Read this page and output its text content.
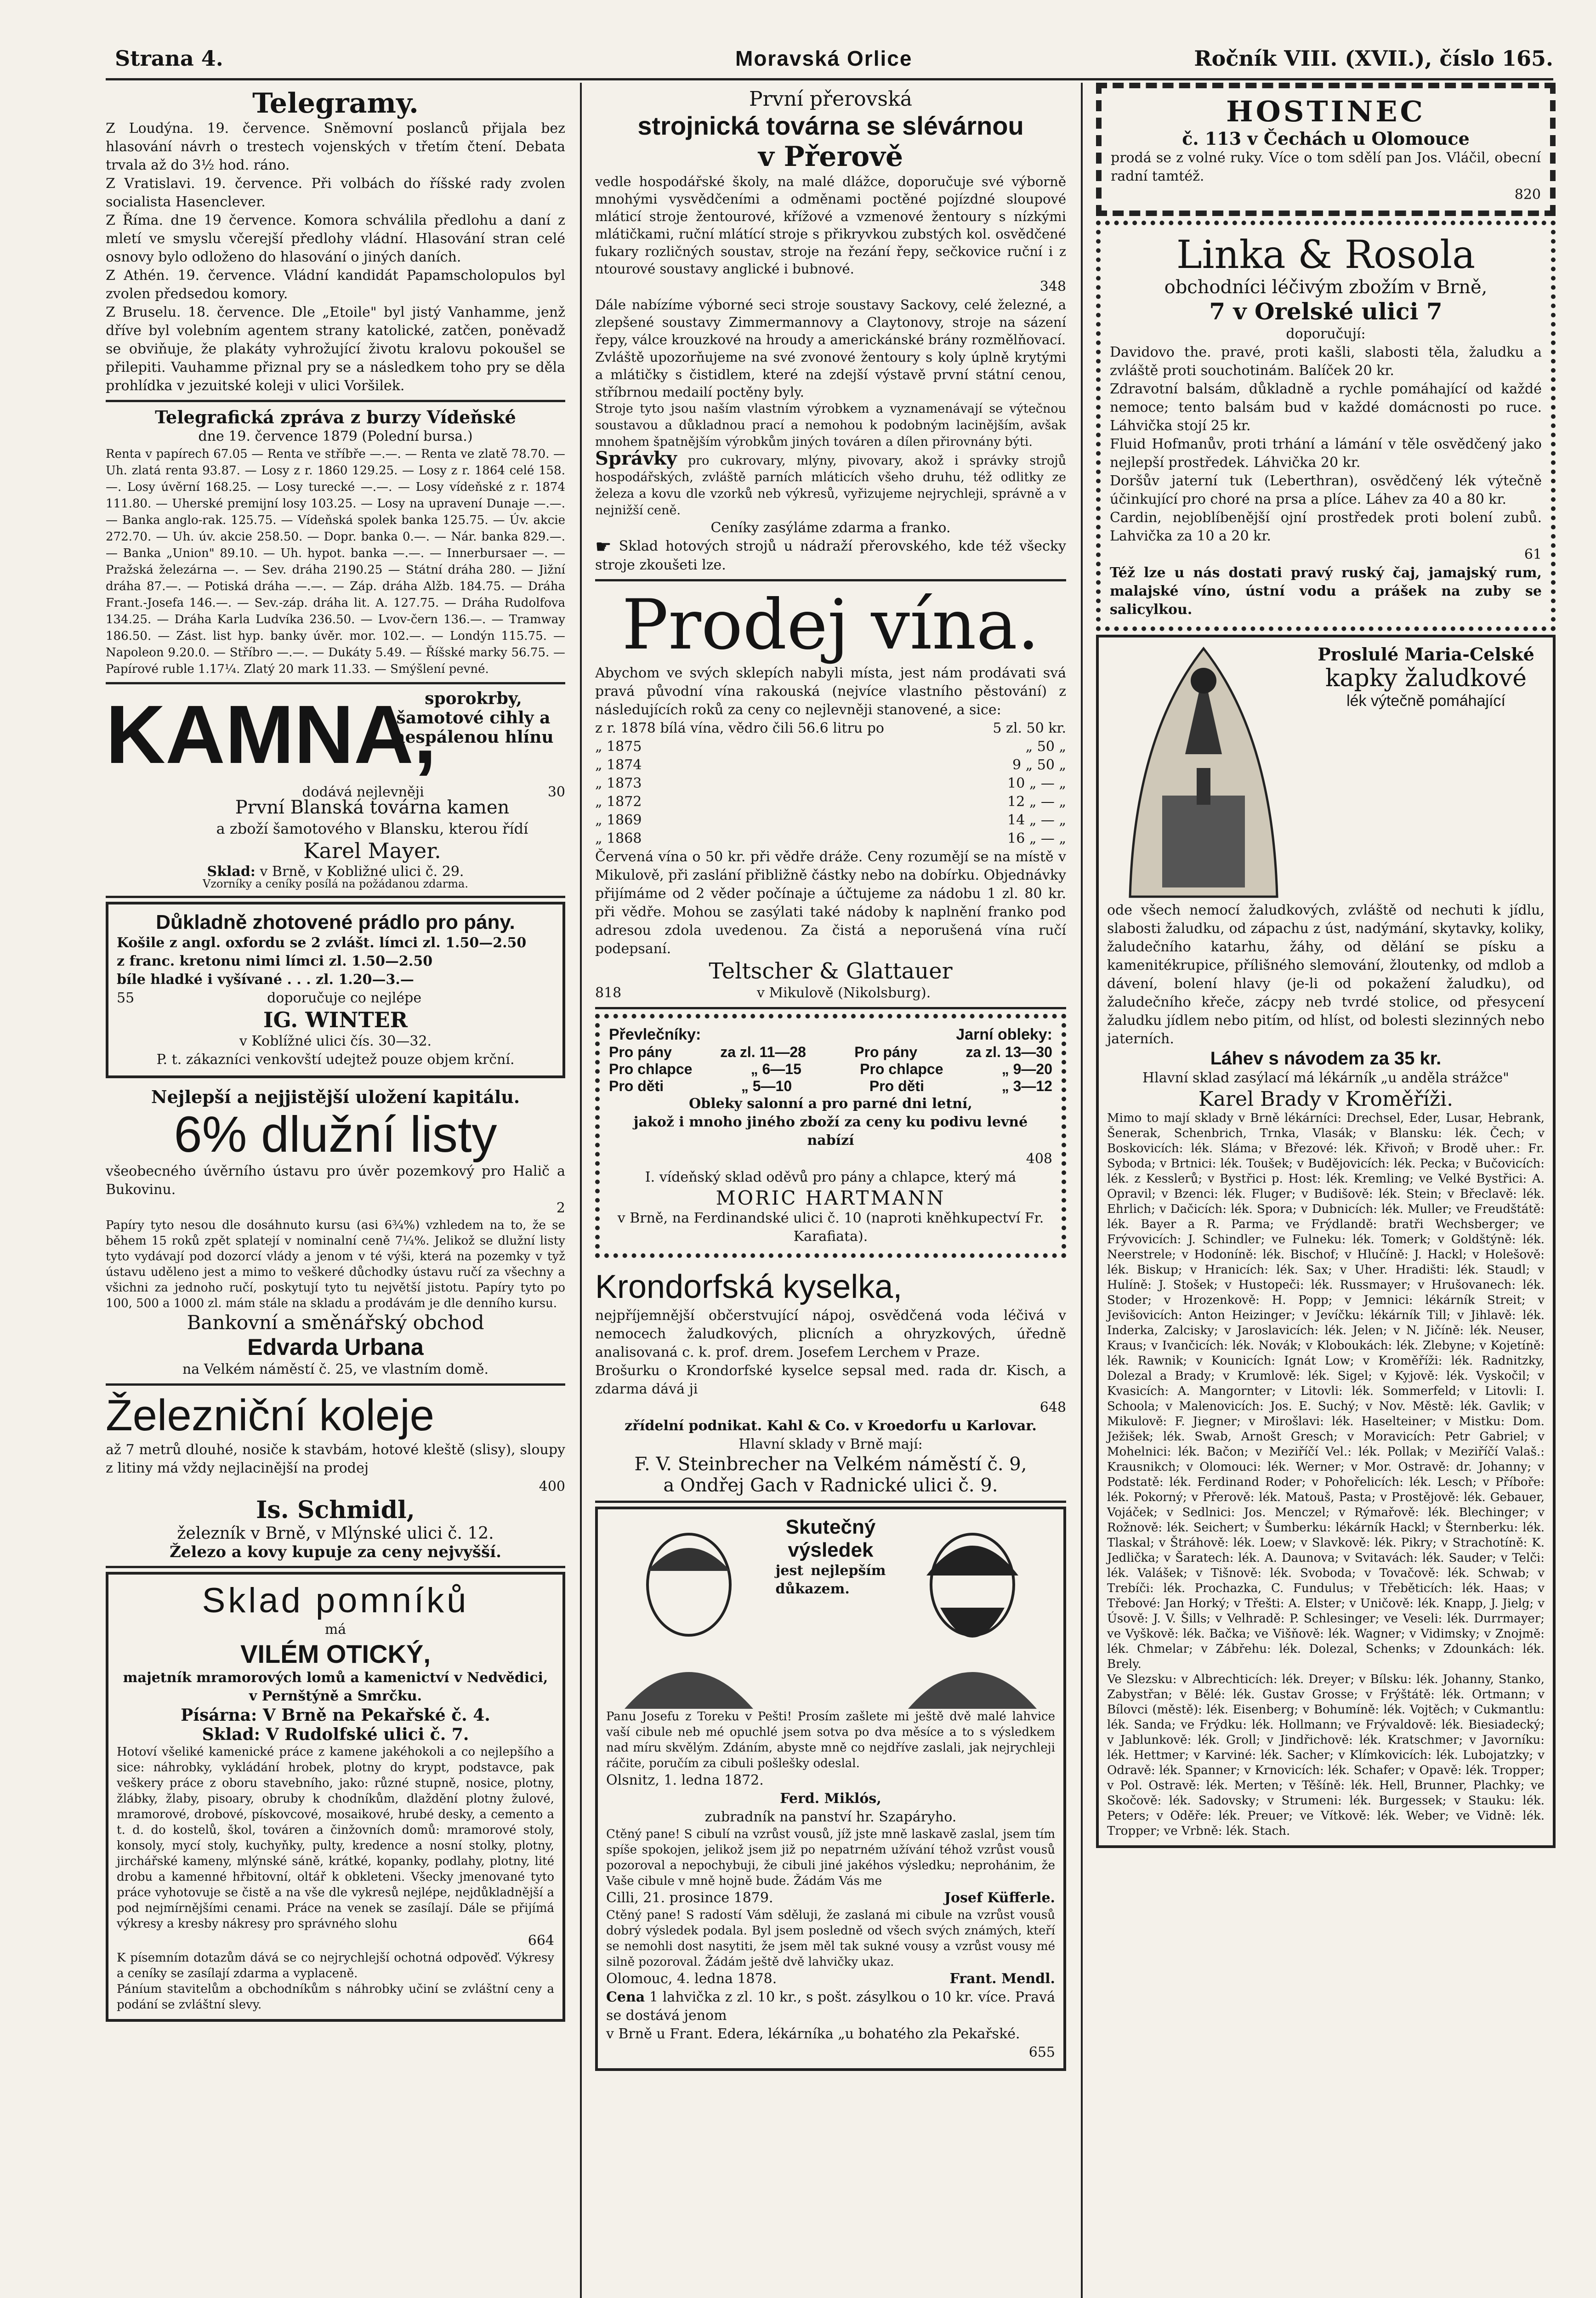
Strana 4.	Moravská Orlice	Ročník VIII. (XVII.), číslo 165.

Telegramy.

Z Loudýna. 19. července. Sněmovní poslanců přijala bez hlasování návrh o trestech vojenských v třetím čtení. Debata trvala až do 3½ hod. ráno.

Z Vratislavi. 19. července. Při volbách do říšské rady zvolen socialista Hasenclever.

Z Říma. dne 19 července. Komora schválila předlohu a daní z mletí ve smyslu včerejší předlohy vládní. Hlasování stran celé osnovy bylo odloženo do hlasování o jiných daních.

Z Athén. 19. července. Vládní kandidát Papamscholopulos byl zvolen předsedou komory.

Z Bruselu. 18. července. Dle „Etoile" byl jistý Vanhamme, jenž dříve byl volebním agentem strany katolické, zatčen, poněvadž se obviňuje, že plakáty vyhrožující životu kralovu pokoušel se přilepiti. Vauhamme přiznal pry se a následkem toho pry se děla prohlídka v jezuitské koleji v ulici Voršilek.

Telegrafická zpráva z burzy Vídeňské

dne 19. července 1879 (Polední bursa.)

Renta v papírech 67.05 — Renta ve stříbře —.—. — Renta ve zlatě 78.70. — Uh. zlatá renta 93.87. — Losy z r. 1860 129.25. — Losy z r. 1864 celé 158.—. Losy úvěrní 168.25. — Losy turecké —.—. — Losy vídeňské z r. 1874 111.80. — Uherské premijní losy 103.25. — Losy na upravení Dunaje —.—. — Banka anglo-rak. 125.75. — Vídeňská spolek banka 125.75. — Úv. akcie 272.70. — Uh. úv. akcie 258.50. — Dopr. banka 0.—. — Nár. banka 829.—. — Banka „Union" 89.10. — Uh. hypot. banka —.—. — Innerbursaer —. — Pražská železárna —. — Sev. dráha 2190.25 — Státní dráha 280. — Jižní dráha 87.—. — Potiská dráha —.—. — Záp. dráha Alžb. 184.75. — Dráha Frant.-Josefa 146.—. — Sev.-záp. dráha lit. A. 127.75. — Dráha Rudolfova 134.25. — Dráha Karla Ludvíka 236.50. — Lvov-čern 136.—. — Tramway 186.50. — Zást. list hyp. banky úvěr. mor. 102.—. — Londýn 115.75. — Napoleon 9.20.0. — Stříbro —.—. — Dukáty 5.49. — Říšské marky 56.75. — Papírové ruble 1.17¼. Zlatý 20 mark 11.33. — Smýšlení pevné.

KAMNA,

sporokrby, šamotové cihly a nespálenou hlínu

dodává nejlevněji	30

První Blanská továrna kamen

a zboží šamotového v Blansku, kterou řídí

Karel Mayer.

Sklad: v Brně, v Kobližné ulici č. 29.

Vzorníky a ceníky posílá na požádanou zdarma.

Důkladně zhotovené prádlo pro pány.

Košile z angl. oxfordu se 2 zvlášt. límci zl. 1.50—2.50

z franc. kretonu nimi límci zl. 1.50—2.50

bíle hladké i vyšívané . . . zl. 1.20—3.—

55	doporučuje co nejlépe

IG. WINTER

v Koblížné ulici čís. 30—32.

P. t. zákazníci venkovští udejtež pouze objem krční.

Nejlepší a nejjistější uložení kapitálu.

6% dlužní listy

všeobecného úvěrního ústavu pro úvěr pozemkový pro Halič a Bukovinu.

2

Papíry tyto nesou dle dosáhnuto kursu (asi 6¾%) vzhledem na to, že se během 15 roků zpět splatejí v nominalní ceně 7¼%. Jelikož se dlužní listy tyto vydávají pod dozorcí vlády a jenom v té výši, která na pozemky v tyž ústavu uděleno jest a mimo to veškeré důchodky ústavu ručí za všechny a všichni za jednoho ručí, poskytují tyto tu největší jistotu. Papíry tyto po 100, 500 a 1000 zl. mám stále na skladu a prodávám je dle denního kursu.

Bankovní a směnářský obchod

Edvarda Urbana

na Velkém náměstí č. 25, ve vlastním domě.

Železniční koleje

až 7 metrů dlouhé, nosiče k stavbám, hotové kleště (slisy), sloupy z litiny má vždy nejlacinější na prodej

400

Is. Schmidl,

železník v Brně, v Mlýnské ulici č. 12.

Železo a kovy kupuje za ceny nejvyšší.

Sklad pomníků

má

VILÉM OTICKÝ,

majetník mramorových lomů a kamenictví v Nedvědici, v Pernštýně a Smrčku.

Písárna: V Brně na Pekařské č. 4.

Sklad: V Rudolfské ulici č. 7.

Hotoví všeliké kamenické práce z kamene jakéhokoli a co nejlepšího a sice: náhrobky, vykládání hrobek, plotny do krypt, podstavce, pak veškery práce z oboru stavebního, jako: různé stupně, nosice, plotny, žlábky, žlaby, pisoary, obruby k chodníkům, dlaždění plotny žulové, mramorové, drobové, pískovcové, mosaikové, hrubé desky, a cemento a t. d. do kostelů, škol, továren a činžovních domů: mramorové stoly, konsoly, mycí stoly, kuchyňky, pulty, kredence a nosní stolky, plotny, jirchářské kameny, mlýnské sáně, krátké, kopanky, podlahy, plotny, lité drobu a kamenné hřbitovní, oltář k obkleteni. Všecky jmenované tyto práce vyhotovuje se čistě a na vše dle vykresů nejlépe, nejdůkladnější a pod nejmírnějšími cenami. Práce na venek se zasílají. Dále se přijímá výkresy a kresby nákresy pro správného slohu

664

K písemním dotazům dává se co nejrychlejší ochotná odpověď. Výkresy a ceníky se zasílají zdarma a vyplaceně.

Páníum stavitelům a obchodníkům s náhrobky učiní se zvláštní ceny a podání se zvláštní slevy.

První přerovská

strojnická továrna se slévárnou

v Přerově

vedle hospodářské školy, na malé dlážce, doporučuje své výborně mnohými vysvědčeními a odměnami poctěné pojízdné sloupové mláticí stroje žentourové, křížové a vzmenové žentoury s nízkými mlátičkami, ruční mlátící stroje s přikryvkou zubstých kol. osvědčené fukary rozličných soustav, stroje na řezání řepy, sečkovice ruční i z ntourové soustavy anglické i bubnové.

348

Dále nabízíme výborné seci stroje soustavy Sackovy, celé železné, a zlepšené soustavy Zimmermannovy a Claytonovy, stroje na sázení řepy, válce krouzkové na hroudy a americkánské brány rozmělňovací.

Zvláště upozorňujeme na své zvonové žentoury s koly úplně krytými a mlátičky s čistidlem, které na zdejší výstavě první státní cenou, stříbrnou medailí poctěny byly.

Stroje tyto jsou naším vlastním výrobkem a vyznamenávají se výtečnou soustavou a důkladnou prací a nemohou k podobným lacinějším, avšak mnohem špatnějším výrobkům jiných továren a dílen přirovnány býti.

Správky pro cukrovary, mlýny, pivovary, akož i správky strojů hospodářských, zvláště parních mláticích všeho druhu, též odlitky ze železa a kovu dle vzorků neb výkresů, vyřizujeme nejrychleji, správně a v nejnižší ceně.

Ceníky zasýláme zdarma a franko.

☛ Sklad hotových strojů u nádraží přerovského, kde též všecky stroje zkoušeti lze.

Prodej vína.

Abychom ve svých sklepích nabyli místa, jest nám prodávati svá pravá původní vína rakouská (nejvíce vlastního pěstování) z následujících roků za ceny co nejlevněji stanovené, a sice:

z r. 1878 bílá vína, vědro čili 56.6 litru po	5 zl. 50 kr.
„ 1875	„ 50 „
„ 1874	9 „ 50 „
„ 1873	10 „ — „
„ 1872	12 „ — „
„ 1869	14 „ — „
„ 1868	16 „ — „

Červená vína o 50 kr. při vědře dráže. Ceny rozumějí se na místě v Mikulově, při zaslání přibližně částky nebo na dobírku. Objednávky přijímáme od 2 věder počínaje a účtujeme za nádobu 1 zl. 80 kr. při vědře. Mohou se zasýlati také nádoby k naplnění franko pod adresou zdola uvedenou. Za čistá a neporušená vína ručí podepsaní.

Teltscher & Glattauer

818	v Mikulově (Nikolsburg).

Převlečníky:	Jarní obleky:
Pro pány	za zl. 11—28	Pro pány	za zl. 13—30
Pro chlapce	„ 6—15	Pro chlapce	„ 9—20
Pro děti	„ 5—10	Pro děti	„ 3—12

Obleky salonní a pro parné dni letní,

jakož i mnoho jiného zboží za ceny ku podivu levné nabízí

408

I. vídeňský sklad oděvů pro pány a chlapce, který má

MORIC HARTMANN

v Brně, na Ferdinandské ulici č. 10 (naproti kněhkupectví Fr. Karafiata).

Krondorfská kyselka,

nejpříjemnější občerstvující nápoj, osvědčená voda léčivá v nemocech žaludkových, plicních a ohryzkových, úředně analisovaná c. k. prof. drem. Josefem Lerchem v Praze.

Brošurku o Krondorfské kyselce sepsal med. rada dr. Kisch, a zdarma dává ji

648

zřídelní podnikat. Kahl & Co. v Kroedorfu u Karlovar.

Hlavní sklady v Brně mají:

F. V. Steinbrecher na Velkém náměstí č. 9,

a Ondřej Gach v Radnické ulici č. 9.

Skutečný výsledek

jest nejlepším důkazem.

Panu Josefu z Toreku v Pešti! Prosím zašlete mi ještě dvě malé lahvice vaší cibule neb mé opuchlé jsem sotva po dva měsíce a to s výsledkem nad míru skvělým. Zdáním, abyste mně co nejdříve zaslali, jak nejrychleji ráčite, poručím za cibuli pošlešky odeslal.

Olsnitz, 1. ledna 1872.

Ferd. Miklós,

zubradník na panství hr. Szapáryho.

Ctěný pane! S cibulí na vzrůst vousů, jíž jste mně laskavě zaslal, jsem tím spíše spokojen, jelikož jsem již po nepatrném užívání téhož vzrůst vousů pozoroval a nepochybuji, že cibuli jiné jakéhos výsledku; neprohánim, že Vaše cibule v mně hojně bude. Žádám Vás me

Cilli, 21. prosince 1879.	Josef Küfferle.

Ctěný pane! S radostí Vám sděluji, že zaslaná mi cibule na vzrůst vousů dobrý výsledek podala. Byl jsem posledně od všech svých známých, kteří se nemohli dost nasytiti, že jsem měl tak sukné vousy a vzrůst vousy mé silně pozoroval. Žádám ještě dvě lahvičky ukaz.

Olomouc, 4. ledna 1878.	Frant. Mendl.

Cena 1 lahvička z zl. 10 kr., s pošt. zásylkou o 10 kr. více. Pravá se dostává jenom

v Brně u Frant. Edera, lékárníka „u bohatého zla Pekařské.

655

HOSTINEC

č. 113 v Čechách u Olomouce

prodá se z volné ruky. Více o tom sdělí pan Jos. Vláčil, obecní radní tamtéž.

820

Linka & Rosola

obchodníci léčivým zbožím v Brně,

7 v Orelské ulici 7

doporučují:

Davidovo the. pravé, proti kašli, slabosti těla, žaludku a zvláště proti souchotinám. Balíček 20 kr.

Zdravotní balsám, důkladně a rychle pomáhající od každé nemoce; tento balsám bud v každé domácnosti po ruce. Láhvička stojí 25 kr.

Fluid Hofmanův, proti trhání a lámání v těle osvědčený jako nejlepší prostředek. Láhvička 20 kr.

Doršův jaterní tuk (Leberthran), osvědčený lék výtečně účinkující pro choré na prsa a plíce. Láhev za 40 a 80 kr.

Cardin, nejoblíbenější ojní prostředek proti bolení zubů. Lahvička za 10 a 20 kr.

61

Též lze u nás dostati pravý ruský čaj, jamajský rum, malajské víno, ústní vodu a prášek na zuby se salicylkou.

Proslulé Maria-Celské

kapky žaludkové

lék výtečně pomáhající

ode všech nemocí žaludkových, zvláště od nechuti k jídlu, slabosti žaludku, od zápachu z úst, nadýmání, skytavky, koliky, žaludečního katarhu, žáhy, od dělání se písku a kamenitékrupice, přílišného slemování, žloutenky, od mdlob a dávení, bolení hlavy (je-li od pokažení žaludku), od žaludečního křeče, zácpy neb tvrdé stolice, od přesycení žaludku jídlem nebo pitím, od hlíst, od bolesti slezinných nebo jaterních.

Láhev s návodem za 35 kr.

Hlavní sklad zasýlací má lékárník „u anděla strážce"

Karel Brady v Kroměříži.

Mimo to mají sklady v Brně lékárníci: Drechsel, Eder, Lusar, Hebrank, Šenerak, Schenbrich, Trnka, Vlasák; v Blansku: lék. Čech; v Boskovicích: lék. Sláma; v Březové: lék. Křivoň; v Brodě uher.: Fr. Syboda; v Brtnici: lék. Toušek; v Budějovicích: lék. Pecka; v Bučovicích: lék. z Kesslerů; v Bystřici p. Host: lék. Kremling; ve Velké Bystřici: A. Opravil; v Bzenci: lék. Fluger; v Budišově: lék. Stein; v Břeclavě: lék. Ehrlich; v Dačicích: lék. Spora; v Dubnicích: lék. Muller; ve Freudštátě: lék. Bayer a R. Parma; ve Frýdlandě: bratři Wechsberger; ve Frývovicích: J. Schindler; ve Fulneku: lék. Tomerk; v Goldštýně: lék. Neerstrele; v Hodoníně: lék. Bischof; v Hlučíně: J. Hackl; v Holešově: lék. Biskup; v Hranicích: lék. Sax; v Uher. Hradišti: lék. Staudl; v Hulíně: J. Stošek; v Hustopeči: lék. Russmayer; v Hrušovanech: lék. Stoder; v Hrozenkově: H. Popp; v Jemnici: lékárník Streit; v Jevišovicích: Anton Heizinger; v Jevíčku: lékárník Till; v Jihlavě: lék. Inderka, Zalcisky; v Jaroslavicích: lék. Jelen; v N. Jičíně: lék. Neuser, Kraus; v Ivančicích: lék. Novák; v Kloboukách: lék. Zlebyne; v Kojetíně: lék. Rawnik; v Kounicích: Ignát Low; v Kroměříži: lék. Radnitzky, Dolezal a Brady; v Krumlově: lék. Sigel; v Kyjově: lék. Vyskočil; v Kvasicích: A. Mangornter; v Litovli: lék. Sommerfeld; v Litovli: I. Schoola; v Malenovicích: Jos. E. Suchý; v Nov. Městě: lék. Gavlik; v Mikulově: F. Jiegner; v Mirošlavi: lék. Haselteiner; v Mistku: Dom. Ježišek; lék. Swab, Arnošt Gresch; v Moravicích: Petr Gabriel; v Mohelnici: lék. Bačon; v Meziříčí Vel.: lék. Pollak; v Meziříčí Valaš.: Krausnikch; v Olomouci: lék. Werner; v Mor. Ostravě: dr. Johanny; v Podstatě: lék. Ferdinand Roder; v Pohořelicích: lék. Lesch; v Příboře: lék. Pokorný; v Přerově: lék. Matouš, Pasta; v Prostějově: lék. Gebauer, Vojáček; v Sedlnici: Jos. Menczel; v Rýmařově: lék. Blechinger; v Rožnově: lék. Seichert; v Šumberku: lékárník Hackl; v Šternberku: lék. Tlaskal; v Štráhově: lék. Loew; v Slavkově: lék. Pikry; v Strachotíně: K. Jedlička; v Šaratech: lék. A. Daunova; v Svitavách: lék. Sauder; v Telči: lék. Valášek; v Tišnově: lék. Svoboda; v Tovačově: lék. Schwab; v Trebíči: lék. Prochazka, C. Fundulus; v Třeběticích: lék. Haas; v Třebové: Jan Horký; v Třešti: A. Elster; v Uničově: lék. Knapp, J. Jielg; v Úsově: J. V. Šills; v Velhradě: P. Schlesinger; ve Veseli: lék. Durrmayer; ve Vyškově: lék. Bačka; ve Višňově: lék. Wagner; v Vidimsky; v Znojmě: lék. Chmelar; v Zábřehu: lék. Dolezal, Schenks; v Zdounkách: lék. Brely.

Ve Slezsku: v Albrechticích: lék. Dreyer; v Bílsku: lék. Johanny, Stanko, Zabystřan; v Bělé: lék. Gustav Grosse; v Frýštátě: lék. Ortmann; v Bílovci (městě): lék. Eisenberg; v Bohumíně: lék. Vojtěch; v Cukmantlu: lék. Sanda; ve Frýdku: lék. Hollmann; ve Frývaldově: lék. Biesiadecký; v Jablunkově: lék. Groll; v Jindřichově: lék. Kratschmer; v Javorníku: lék. Hettmer; v Karviné: lék. Sacher; v Klímkovicích: lék. Lubojatzky; v Odravě: lék. Spanner; v Krnovicích: lék. Schafer; v Opavě: lék. Tropper; v Pol. Ostravě: lék. Merten; v Těšíně: lék. Hell, Brunner, Plachky; ve Skočově: lék. Sadovsky; v Strumeni: lék. Burgessek; v Stauku: lék. Peters; v Oděře: lék. Preuer; ve Vítkově: lék. Weber; ve Vidně: lék. Tropper; ve Vrbně: lék. Stach.
